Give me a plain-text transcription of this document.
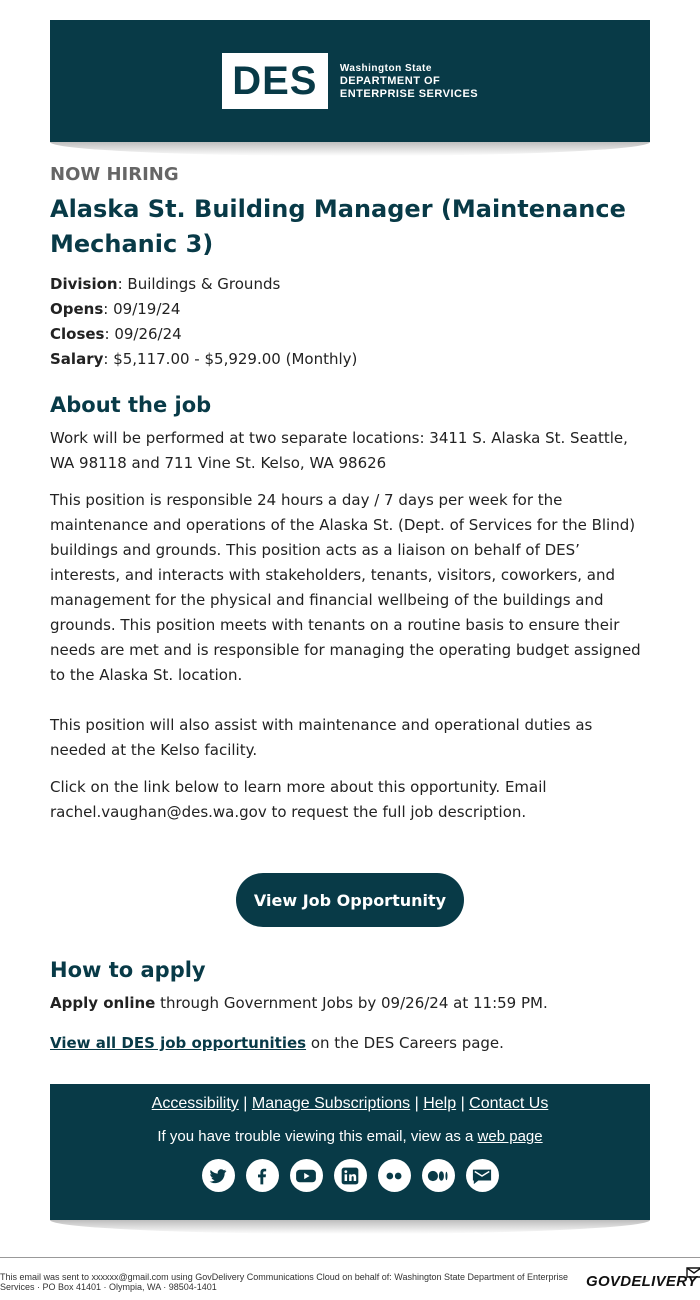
DES Washington State
DEPARTMENT OF
ENTERPRISE SERVICES
NOW HIRING
Alaska St. Building Manager (Maintenance Mechanic 3)
Division: Buildings & Grounds
Opens: 09/19/24
Closes: 09/26/24
Salary: $5,117.00 - $5,929.00 (Monthly)
About the job

Work will be performed at two separate locations: 3411 S. Alaska St. Seattle, WA 98118 and 711 Vine St. Kelso, WA 98626

This position is responsible 24 hours a day / 7 days per week for the maintenance and operations of the Alaska St. (Dept. of Services for the Blind) buildings and grounds. This position acts as a liaison on behalf of DES’ interests, and interacts with stakeholders, tenants, visitors, coworkers, and management for the physical and financial wellbeing of the buildings and grounds. This position meets with tenants on a routine basis to ensure their needs are met and is responsible for managing the operating budget assigned to the Alaska St. location.

This position will also assist with maintenance and operational duties as needed at the Kelso facility.

Click on the link below to learn more about this opportunity. Email rachel.vaughan@des.wa.gov to request the full job description.

View Job Opportunity
How to apply

Apply online through Government Jobs by 09/26/24 at 11:59 PM.

View all DES job opportunities on the DES Careers page.

Accessibility | Manage Subscriptions | Help | Contact Us
If you have trouble viewing this email, view as a web page
This email was sent to xxxxxx@gmail.com using GovDelivery Communications Cloud on behalf of: Washington State Department of Enterprise Services · PO Box 41401 · Olympia, WA · 98504-1401	GOVDELIVERY
